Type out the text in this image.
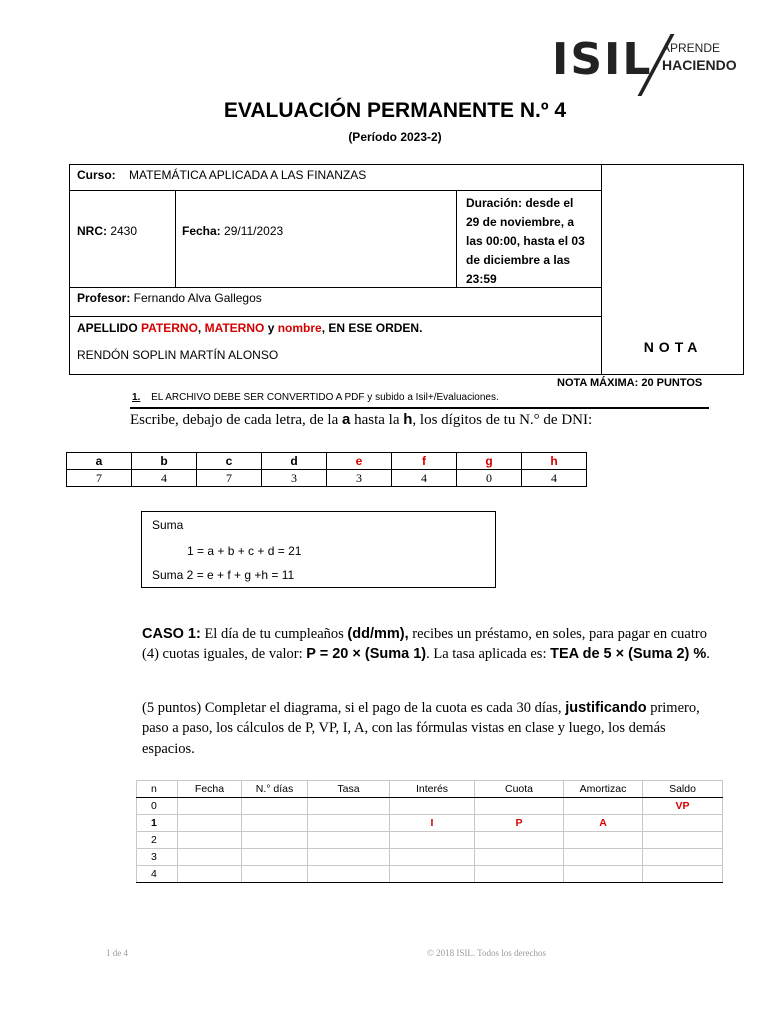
ISIL APRENDE
HACIENDO
EVALUACIÓN PERMANENTE N.º 4
(Período 2023-2)
Curso: MATEMÁTICA APLICADA A LAS FINANZAS
NRC: 2430	Fecha: 29/11/2023
Duración: desde el
29 de noviembre, a
las 00:00, hasta el 03
de diciembre a las
23:59
Profesor: Fernando Alva Gallegos
APELLIDO PATERNO, MATERNO y nombre, EN ESE ORDEN.
RENDÓN SOPLIN MARTÍN ALONSO	NOTA
NOTA MÁXIMA: 20 PUNTOS
1. EL ARCHIVO DEBE SER CONVERTIDO A PDF y subido a Isil+/Evaluaciones.
Escribe, debajo de cada letra, de la a hasta la h, los dígitos de tu N.° de DNI:
a	b	c	d	e	f	g	h
7	4	7	3	3	4	0	4
Suma
1 = a + b + c + d = 21
Suma 2 = e + f + g +h = 11
CASO 1: El día de tu cumpleaños (dd/mm), recibes un préstamo, en soles, para pagar en cuatro (4) cuotas iguales, de valor: P = 20 × (Suma 1). La tasa aplicada es: TEA de 5 × (Suma 2) %.
(5 puntos) Completar el diagrama, si el pago de la cuota es cada 30 días, justificando primero, paso a paso, los cálculos de P, VP, I, A, con las fórmulas vistas en clase y luego, los demás espacios.
n	Fecha	N.° días	Tasa	Interés	Cuota	Amortizac	Saldo
0							VP
1				I	P	A	
2							
3							
4							
1 de 4	© 2018 ISIL. Todos los derechos
